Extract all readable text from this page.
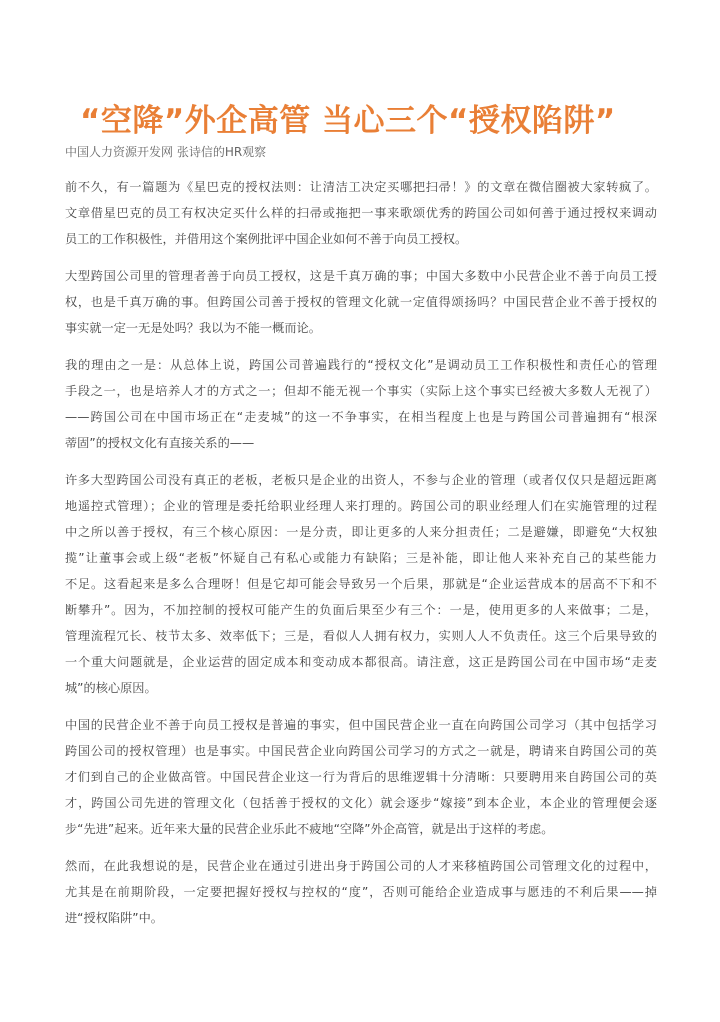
“空降”外企高管 当心三个“授权陷阱”
中国人力资源开发网 张诗信的HR观察
前不久，有一篇题为《星巴克的授权法则：让清洁工决定买哪把扫帚！》的文章在微信圈被大家转疯了。
文章借星巴克的员工有权决定买什么样的扫帚或拖把一事来歌颂优秀的跨国公司如何善于通过授权来调动
员工的工作积极性，并借用这个案例批评中国企业如何不善于向员工授权。
大型跨国公司里的管理者善于向员工授权，这是千真万确的事；中国大多数中小民营企业不善于向员工授
权，也是千真万确的事。但跨国公司善于授权的管理文化就一定值得颂扬吗？中国民营企业不善于授权的
事实就一定一无是处吗？我以为不能一概而论。
我的理由之一是：从总体上说，跨国公司普遍践行的“授权文化”是调动员工工作积极性和责任心的管理
手段之一，也是培养人才的方式之一；但却不能无视一个事实（实际上这个事实已经被大多数人无视了）
——跨国公司在中国市场正在“走麦城”的这一不争事实，在相当程度上也是与跨国公司普遍拥有“根深
蒂固”的授权文化有直接关系的——
许多大型跨国公司没有真正的老板，老板只是企业的出资人，不参与企业的管理（或者仅仅只是超远距离
地遥控式管理）；企业的管理是委托给职业经理人来打理的。跨国公司的职业经理人们在实施管理的过程
中之所以善于授权，有三个核心原因：一是分责，即让更多的人来分担责任；二是避嫌，即避免“大权独
揽”让董事会或上级“老板”怀疑自己有私心或能力有缺陷；三是补能，即让他人来补充自己的某些能力
不足。这看起来是多么合理呀！但是它却可能会导致另一个后果，那就是“企业运营成本的居高不下和不
断攀升”。因为，不加控制的授权可能产生的负面后果至少有三个：一是，使用更多的人来做事；二是，
管理流程冗长、枝节太多、效率低下；三是，看似人人拥有权力，实则人人不负责任。这三个后果导致的
一个重大问题就是，企业运营的固定成本和变动成本都很高。请注意，这正是跨国公司在中国市场“走麦
城”的核心原因。
中国的民营企业不善于向员工授权是普遍的事实，但中国民营企业一直在向跨国公司学习（其中包括学习
跨国公司的授权管理）也是事实。中国民营企业向跨国公司学习的方式之一就是，聘请来自跨国公司的英
才们到自己的企业做高管。中国民营企业这一行为背后的思维逻辑十分清晰：只要聘用来自跨国公司的英
才，跨国公司先进的管理文化（包括善于授权的文化）就会逐步“嫁接”到本企业，本企业的管理便会逐
步“先进”起来。近年来大量的民营企业乐此不疲地“空降”外企高管，就是出于这样的考虑。
然而，在此我想说的是，民营企业在通过引进出身于跨国公司的人才来移植跨国公司管理文化的过程中，
尤其是在前期阶段，一定要把握好授权与控权的“度”，否则可能给企业造成事与愿违的不利后果——掉
进“授权陷阱”中。
